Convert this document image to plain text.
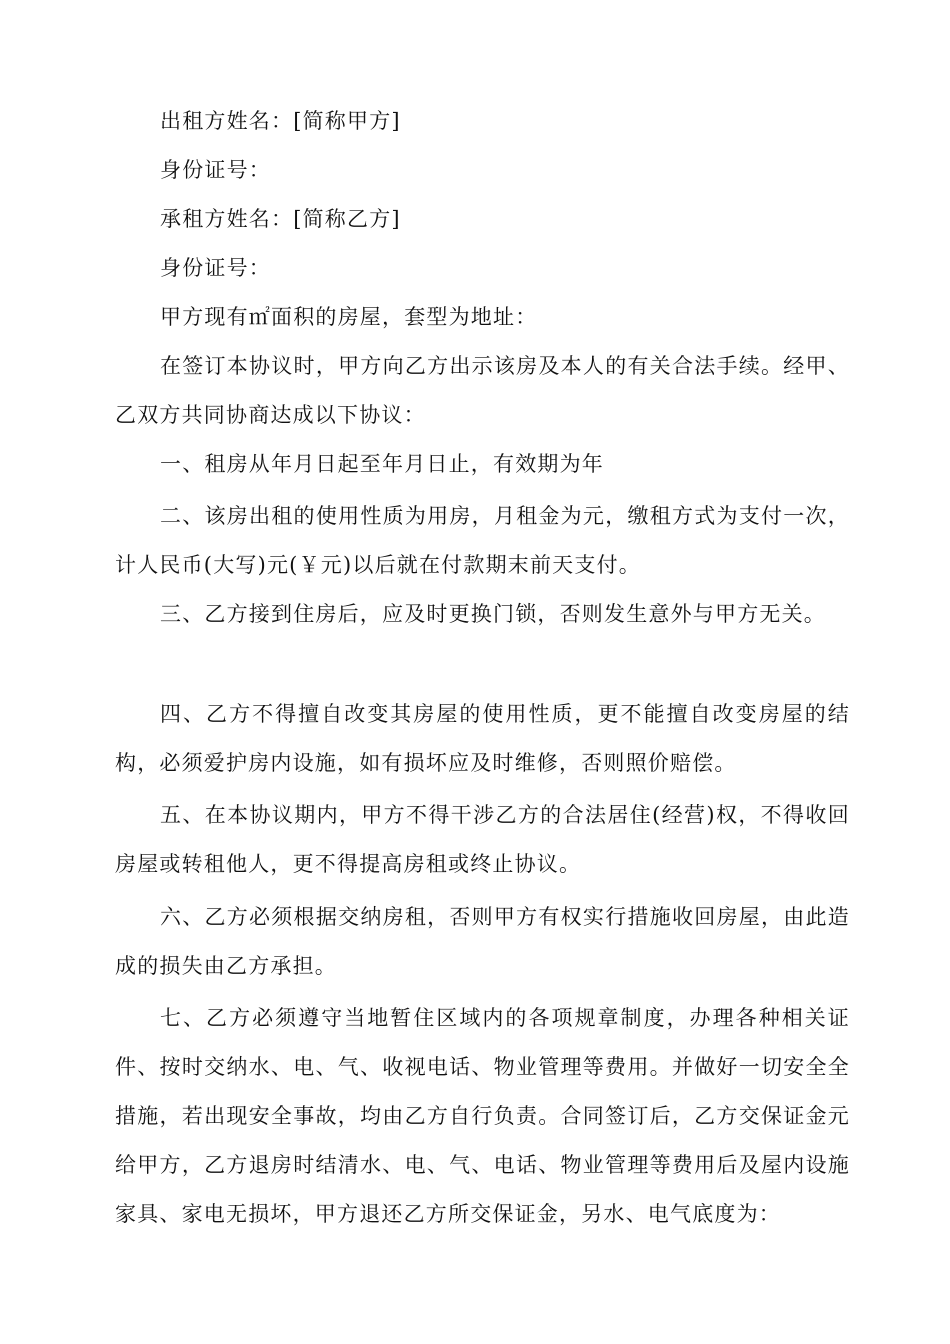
出租方姓名：[简称甲方]

身份证号：

承租方姓名：[简称乙方]

身份证号：

甲方现有㎡面积的房屋，套型为地址：

在签订本协议时，甲方向乙方出示该房及本人的有关合法手续。经甲、乙双方共同协商达成以下协议：

一、租房从年月日起至年月日止，有效期为年

二、该房出租的使用性质为用房，月租金为元，缴租方式为支付一次，计人民币(大写)元(￥元)以后就在付款期末前天支付。

三、乙方接到住房后，应及时更换门锁，否则发生意外与甲方无关。

四、乙方不得擅自改变其房屋的使用性质，更不能擅自改变房屋的结构，必须爱护房内设施，如有损坏应及时维修，否则照价赔偿。

五、在本协议期内，甲方不得干涉乙方的合法居住(经营)权，不得收回房屋或转租他人，更不得提高房租或终止协议。

六、乙方必须根据交纳房租，否则甲方有权实行措施收回房屋，由此造成的损失由乙方承担。

七、乙方必须遵守当地暂住区域内的各项规章制度，办理各种相关证件、按时交纳水、电、气、收视电话、物业管理等费用。并做好一切安全全措施，若出现安全事故，均由乙方自行负责。合同签订后，乙方交保证金元给甲方，乙方退房时结清水、电、气、电话、物业管理等费用后及屋内设施家具、家电无损坏，甲方退还乙方所交保证金，另水、电气底度为：
